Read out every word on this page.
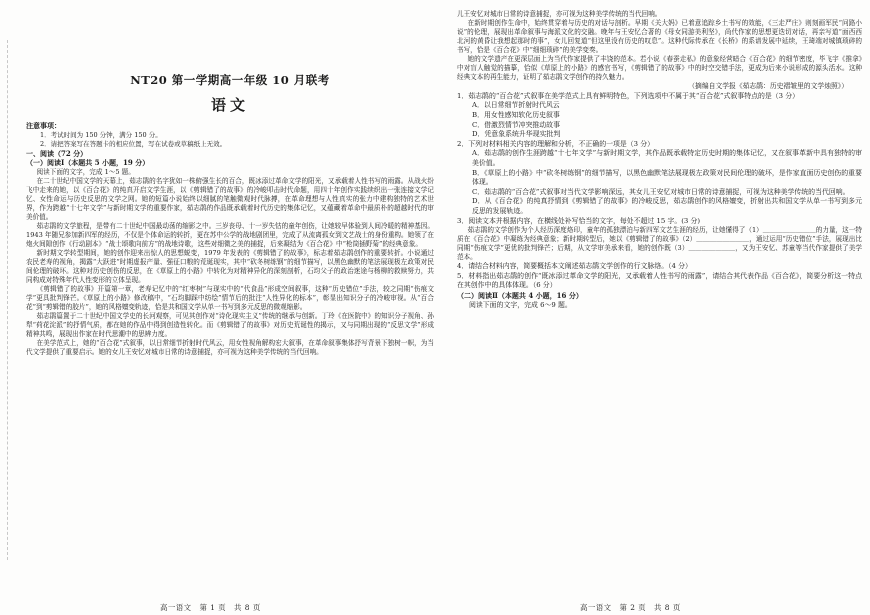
NT20 第一学期高一年级 10 月联考
语文

注意事项：

1．考试时间为 150 分钟，满分 150 分。

2．请把答案写在答题卡的相应位置，写在试卷或草稿纸上无效。

一、阅读（72 分）

（一）阅读Ⅰ（本题共 5 小题，19 分）

阅读下面的文字，完成 1～5 题。

在二十世纪中国文学的天幕上，茹志鹃的名字犹如一株俯强生长的百合，既冰添过革命文学的阳光，又承载着人性书写的雨露。从战火纷飞中走来的她，以《百合花》的纯真开启文学生涯，以《剪辑错了的故事》的冷峻叩击时代命题，用四十年创作实践续织出一张连接文学记忆、女性命运与历史反思的文学之网。她的短篇小说始终以细腻的笔触微观时代脉搏，在革命理想与人性真实的张力中建构独特的艺术世界，作为跨越“十七年文学”与新时期文学的重要作家，茹志鹃的作品既承载着时代历史的集体记忆，又蕴藏着革命中最质朴的超越时代的审美价值。

茹志鹃的文学旅程，是带有二十世纪中国最动荡的缩影之中。三岁丧母、十一岁失怙的童年创伤，让她较早体验到人间冷暖的精神基因。1943 年随兄参加新四军的经历，不仅是个体命运的转折，更在苏中公学的战地剧团里，完成了从流离孤女到文艺战士的身份重构。她领了在炮火间隙创作《行动剧本》“战士颂歌向前方”的战地诗歌，这些对细微之美的捕捉，后来凝结为《百合花》中“枪筒插野菊”的经典意象。

新时期文学转型期间，她的创作迎来出惊人的思想蜕变，1979 年发表的《剪辑错了的故事》，标志着茹志鹃创作的重要转折。小说通过农民老寿的视角，揭露“大跃进”时期虚报产量、强征口粮的荒诞现实，其中“砍冬树练钢”的细节描写，以黑色幽默的笔法展现极左政策对民间伦理的破坏。这种对历史创伤的反思，在《草原上的小路》中转化为对精神异化的深刻剖析，石均父子的政治迷途与杨柳的救赎努力，共同构成对特殊年代人性变形的立体呈现。

《剪辑错了的故事》开篇第一章，老寿记忆中的“红枣树”与现实中的“代食品”形成空间叙事，这种“历史错位”手法，较之同期“伤痕文学”更具批判锋芒。《草原上的小路》修改稿中，“石均脚踩中纺绘”情节后的批注“人性异化的标本”，彰显出知识分子的冷峻审视。从“百合花”到“剪辑错的胶片”，她的风格嬗变轨迹，恰是共和国文学从单一书写到多元反思的微观缩影。

茹志鹃篇置于二十世纪中国文学史的长河观察，可见其创作对“诗化现实主义”传统的继承与创新。丁玲《在医院中》的知识分子视角、孙犁“荷花淀派”的抒情气质，都在她的作品中得到创造性转化。而《剪辑错了的故事》对历史荒诞性的揭示，又与同期出现的“反思文学”形成精神共鸣，展现出作家在时代思潮中的思辨力度。

在美学范式上，她的“百合花”式叙事，以日常细节折射时代风云，用女性视角解构宏大叙事，在革命叙事集体抒写背景下独树一帜，为当代文学提供了重要启示。她的女儿王安忆对城市日常的诗意捕捉，亦可视为这种美学传统的当代回响。

儿王安忆对城市日常的诗意捕捉，亦可视为这种美学传统的当代回响。

在新时期创作生命中，始终贯穿着与历史的对话与剖析。早期《关大妈》已着意追踪乡土书写的效能，《三走严庄》则刻画军民“问路小说”的伦理，展现出革命叙事与海派文化的交融。晚年与王安忆合著的《母女同游美利坚》，尚代作家的思想更迭切对话，再亲写道“面西西北河的黄昏让我想起那时的事”，女儿回复道“但这里没有历史的叹息”。这种代际传承在《长桥》的系谱发展中延续，王琦端对城镇琐碎的书写，恰是《百合花》中“细细琐碎”的美学变奏。

她的文学遗产在更深层面上为当代作家提供了丰饶的范本。若小说《春蚕走私》的意象经营暗合《百合花》的细节密度，毕飞宇《推拿》中对盲人触觉的描摹，恰似《草原上的小路》的感官书写，《剪辑错了的故事》中的时空交错手法，更成为后来小说形成的源头活水。这种经典文本的再生能力，证明了茹志鹃文学创作的持久魅力。

（摘编自文学报《茹志鹃：历史褶皱里的文学烛照》）

1．茹志鹃的“百合花”式叙事在美学范式上具有鲜明特色，下列选项中不属于其“百合花”式叙事特点的是（3 分）

A．以日常细节折射时代风云

B．用女性感知软化历史叙事

C．借激烈情节冲突推动故事

D．凭意象系统升华现实批判

2．下列对材料相关内容的理解和分析，不正确的一项是（3 分）

A．茹志鹃的创作生涯跨越“十七年文学”与新时期文学，其作品既承载特定历史时期的集体记忆，又在叙事革新中具有独特的审美价值。

B．《草原上的小路》中“砍冬树练钢”的细节描写，以黑色幽默笔法展现极左政策对民间伦理的破坏，是作家直面历史创伤的重要体现。

C．茹志鹃的“百合花”式叙事对当代文学影响深远，其女儿王安忆对城市日常的诗意捕捉，可视为这种美学传统的当代回响。

D．从《百合花》的纯真抒情到《剪辑错了的故事》的冷峻反思，茹志鹃创作的风格嬗变，折射出共和国文学从单一书写到多元反思的发展轨迹。

3．阅读文本并根据内容，在横线处补写恰当的文字，每处不超过 15 字。(3 分)

茹志鹃的文学创作为个人经历深度烙印，童年的孤独漂泊与新四军文艺生涯的经历，让她懂得了（1）＿＿＿＿＿＿＿＿的力量，这一特质在《百合花》中凝练为经典意象；新时期转型后，她以《剪辑错了的故事》（2）＿＿＿＿＿＿＿＿，通过运用“历史错位”手法，展现出比同期“伤痕文学”更优的批判锋芒；后期，从文学审美承来看，她的创作既（3）＿＿＿＿＿＿＿，又为王安忆、苏童等当代作家提供了美学范本。

4．请结合材料内容，简要概括本文阐述茹志鹃文学创作的行文脉络。（4 分）

5．材料指出茹志鹃的创作“既冰添过革命文学的阳光，又承载着人性书写的雨露”，请结合其代表作品《百合花》，简要分析这一特点在其创作中的具体体现。（6 分）

（二）阅读Ⅱ（本题共 4 小题，16 分）

阅读下面的文字，完成 6～9 题。

高一语文　第 1 页　共 8 页	高一语文　第 2 页　共 8 页
